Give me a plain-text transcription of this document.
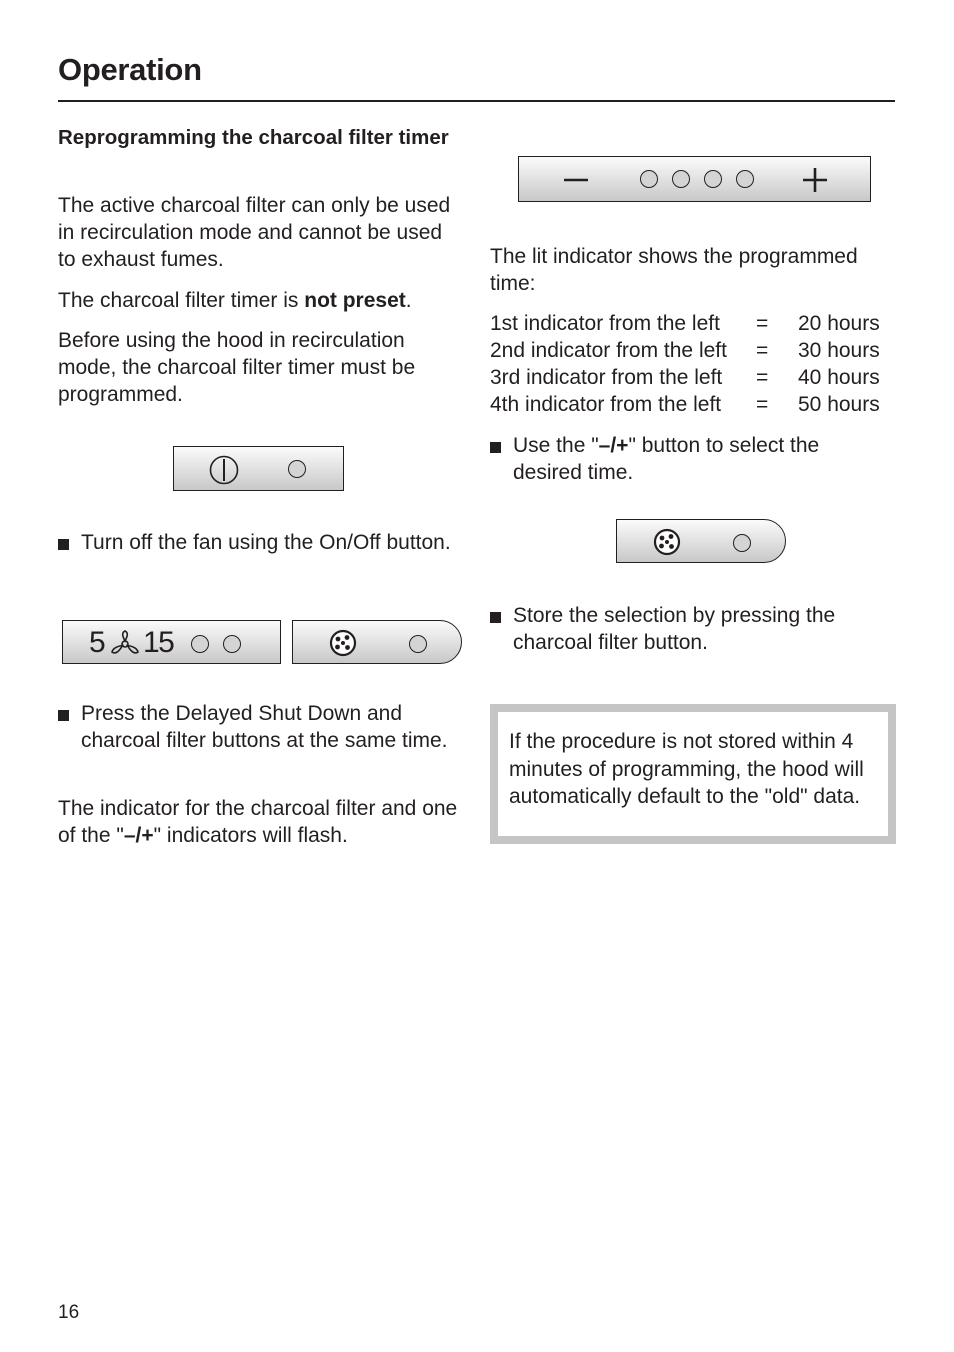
Operation
Reprogramming the charcoal filter timer
The active charcoal filter can only be used in recirculation mode and cannot be used to exhaust fumes.
The charcoal filter timer is not preset.
Before using the hood in recirculation mode, the charcoal filter timer must be programmed.
Turn off the fan using the On/Off button.
5 15
Press the Delayed Shut Down and charcoal filter buttons at the same time.
The indicator for the charcoal filter and one of the "–/+" indicators will flash.
The lit indicator shows the programmed time:
1st indicator from the left	=	20 hours
2nd indicator from the left	=	30 hours
3rd indicator from the left	=	40 hours
4th indicator from the left	=	50 hours
Use the "–/+" button to select the desired time.
Store the selection by pressing the charcoal filter button.
If the procedure is not stored within 4 minutes of programming, the hood will automatically default to the "old" data.
16
